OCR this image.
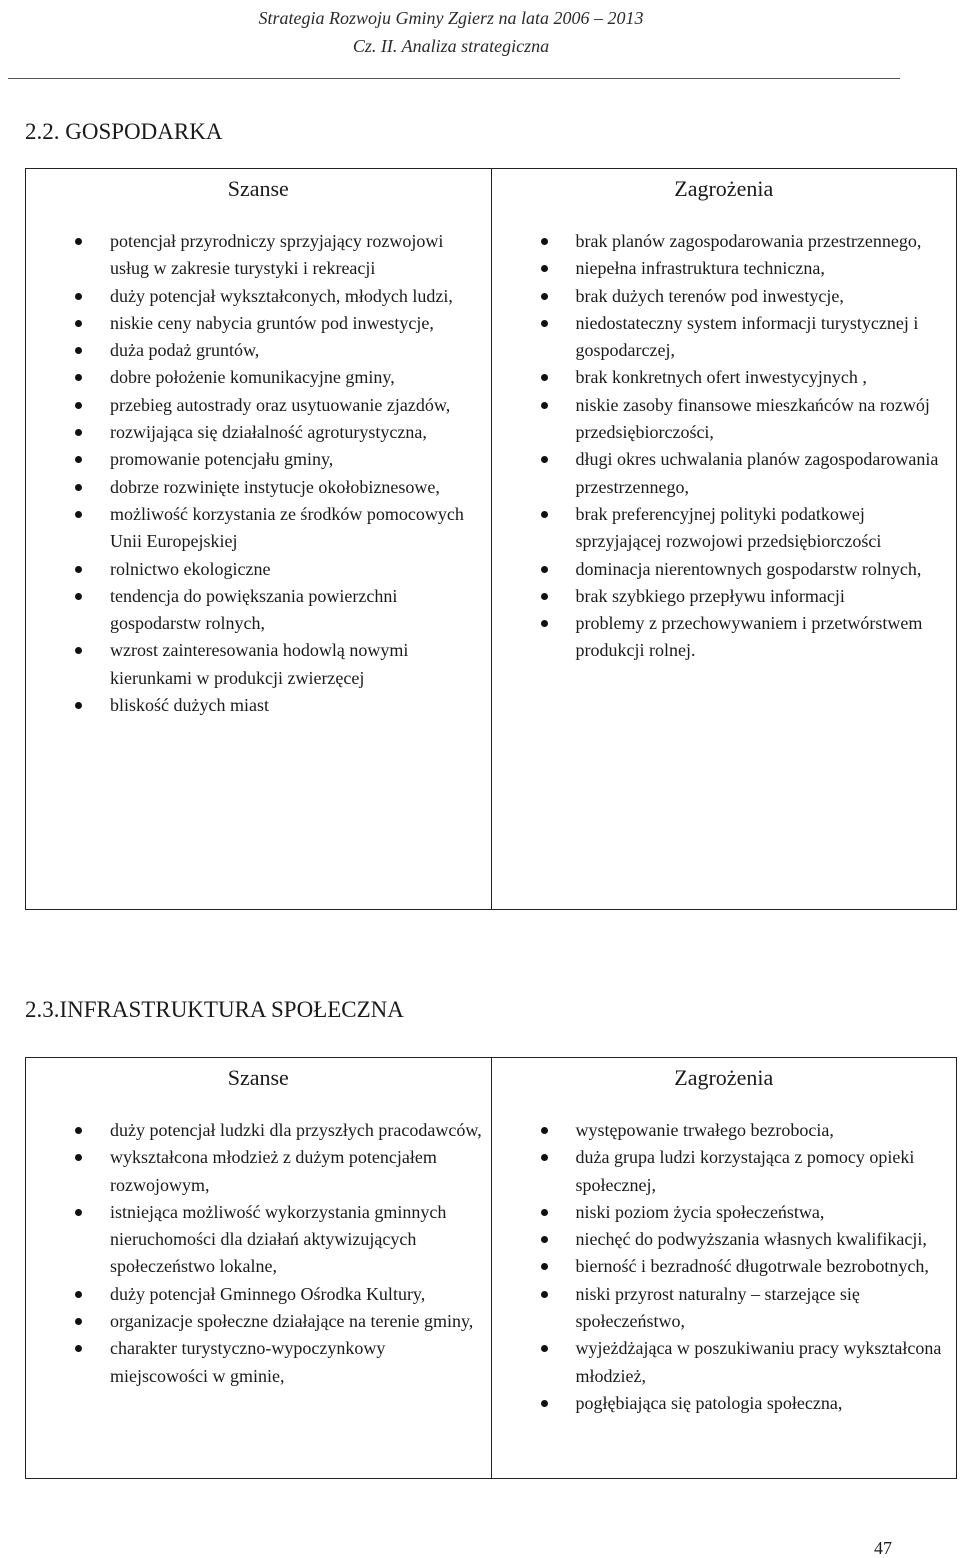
Strategia Rozwoju Gminy Zgierz na lata 2006 – 2013
Cz. II. Analiza strategiczna
2.2. GOSPODARKA
Szanse
potencjał przyrodniczy sprzyjający rozwojowi usług w zakresie turystyki i rekreacji
duży potencjał wykształconych, młodych ludzi,
niskie ceny nabycia gruntów pod inwestycje,
duża podaż gruntów,
dobre położenie komunikacyjne gminy,
przebieg autostrady oraz usytuowanie zjazdów,
rozwijająca się działalność agroturystyczna,
promowanie potencjału gminy,
dobrze rozwinięte instytucje okołobiznesowe,
możliwość korzystania ze środków pomocowych Unii Europejskiej
rolnictwo ekologiczne
tendencja do powiększania powierzchni gospodarstw rolnych,
wzrost zainteresowania hodowlą nowymi kierunkami w produkcji zwierzęcej
bliskość dużych miast

Zagrożenia
brak planów zagospodarowania przestrzennego,
niepełna infrastruktura techniczna,
brak dużych terenów pod inwestycje,
niedostateczny system informacji turystycznej i gospodarczej,
brak konkretnych ofert inwestycyjnych ,
niskie zasoby finansowe mieszkańców na rozwój przedsiębiorczości,
długi okres uchwalania planów zagospodarowania przestrzennego,
brak preferencyjnej polityki podatkowej sprzyjającej rozwojowi przedsiębiorczości
dominacja nierentownych gospodarstw rolnych,
brak szybkiego przepływu informacji
problemy z przechowywaniem i przetwórstwem produkcji rolnej.
2.3.INFRASTRUKTURA SPOŁECZNA
Szanse
duży potencjał ludzki dla przyszłych pracodawców,
wykształcona młodzież z dużym potencjałem rozwojowym,
istniejąca możliwość wykorzystania gminnych nieruchomości dla działań aktywizujących społeczeństwo lokalne,
duży potencjał Gminnego Ośrodka Kultury,
organizacje społeczne działające na terenie gminy,
charakter turystyczno-wypoczynkowy miejscowości w gminie,

Zagrożenia
występowanie trwałego bezrobocia,
duża grupa ludzi korzystająca z pomocy opieki społecznej,
niski poziom życia społeczeństwa,
niechęć do podwyższania własnych kwalifikacji,
bierność i bezradność długotrwale bezrobotnych,
niski przyrost naturalny – starzejące się społeczeństwo,
wyjeżdżająca w poszukiwaniu pracy wykształcona młodzież,
pogłębiająca się patologia społeczna,
47
